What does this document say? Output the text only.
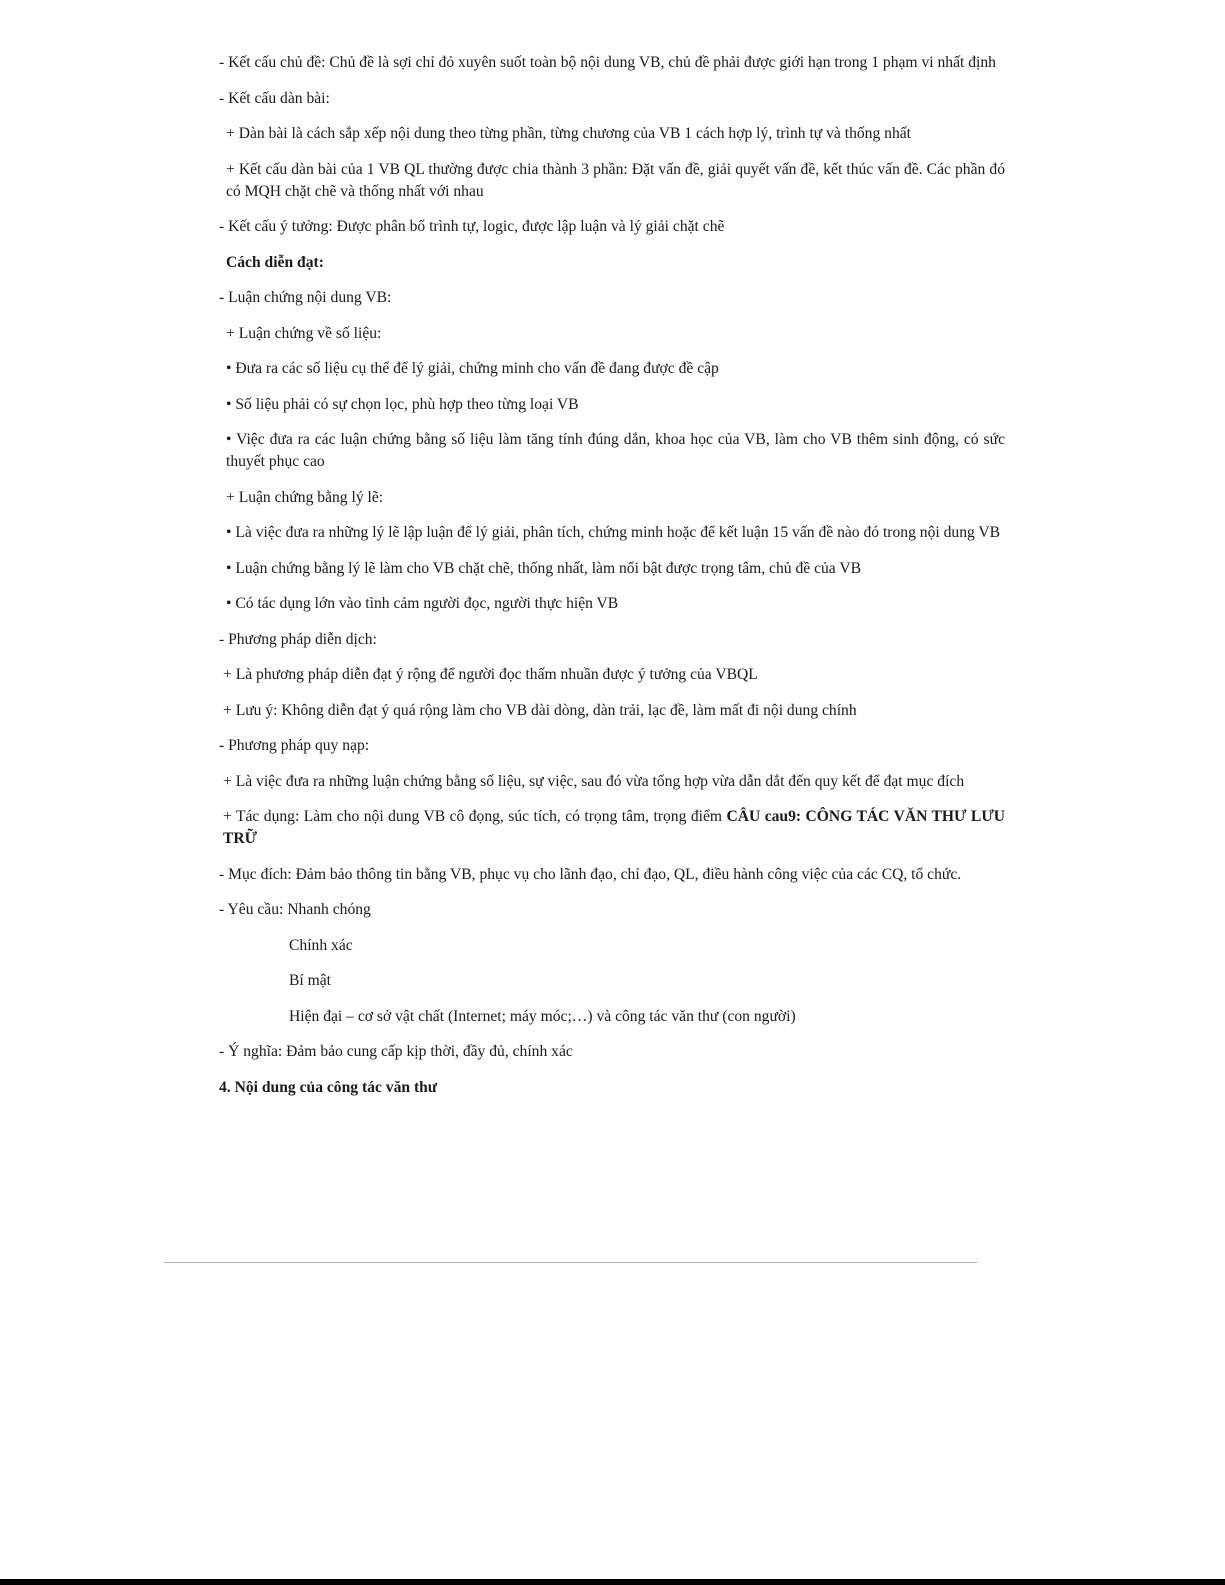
- Kết cấu chủ đề: Chủ đề là sợi chỉ đỏ xuyên suốt toàn bộ nội dung VB, chủ đề phải được giới hạn trong 1 phạm vi nhất định

- Kết cấu dàn bài:

+ Dàn bài là cách sắp xếp nội dung theo từng phần, từng chương của VB 1 cách hợp lý, trình tự và thống nhất

+ Kết cấu dàn bài của 1 VB QL thường được chia thành 3 phần: Đặt vấn đề, giải quyết vấn đề, kết thúc vấn đề. Các phần đó có MQH chặt chẽ và thống nhất với nhau

- Kết cấu ý tưởng: Được phân bổ trình tự, logic, được lập luận và lý giải chặt chẽ

Cách diễn đạt:

- Luận chứng nội dung VB:

+ Luận chứng về số liệu:

• Đưa ra các số liệu cụ thể để lý giải, chứng minh cho vấn đề đang được đề cập

• Số liệu phải có sự chọn lọc, phù hợp theo từng loại VB

• Việc đưa ra các luận chứng bằng số liệu làm tăng tính đúng dắn, khoa học của VB, làm cho VB thêm sinh động, có sức thuyết phục cao

+ Luận chứng bằng lý lẽ:

• Là việc đưa ra những lý lẽ lập luận để lý giải, phân tích, chứng minh hoặc để kết luận 15 vấn đề nào đó trong nội dung VB

• Luận chứng bằng lý lẽ làm cho VB chặt chẽ, thống nhất, làm nổi bật được trọng tâm, chủ đề của VB

• Có tác dụng lớn vào tình cảm người đọc, người thực hiện VB

- Phương pháp diễn dịch:

+ Là phương pháp diễn đạt ý rộng để người đọc thấm nhuần được ý tưởng của VBQL

+ Lưu ý: Không diễn đạt ý quá rộng làm cho VB dài dòng, dàn trải, lạc đề, làm mất đi nội dung chính

- Phương pháp quy nạp:

+ Là việc đưa ra những luận chứng bằng số liệu, sự việc, sau đó vừa tổng hợp vừa dẫn dắt đến quy kết để đạt mục đích

+ Tác dụng: Làm cho nội dung VB cô đọng, súc tích, có trọng tâm, trọng điểm CÂU cau9: CÔNG TÁC VĂN THƯ LƯU TRỮ

- Mục đích: Đảm bảo thông tin bằng VB, phục vụ cho lãnh đạo, chỉ đạo, QL, điều hành công việc của các CQ, tổ chức.

- Yêu cầu: Nhanh chóng

Chính xác

Bí mật

Hiện đại – cơ sở vật chất (Internet; máy móc;…) và công tác văn thư (con người)

- Ý nghĩa: Đảm bảo cung cấp kịp thời, đầy đủ, chính xác

4. Nội dung của công tác văn thư
